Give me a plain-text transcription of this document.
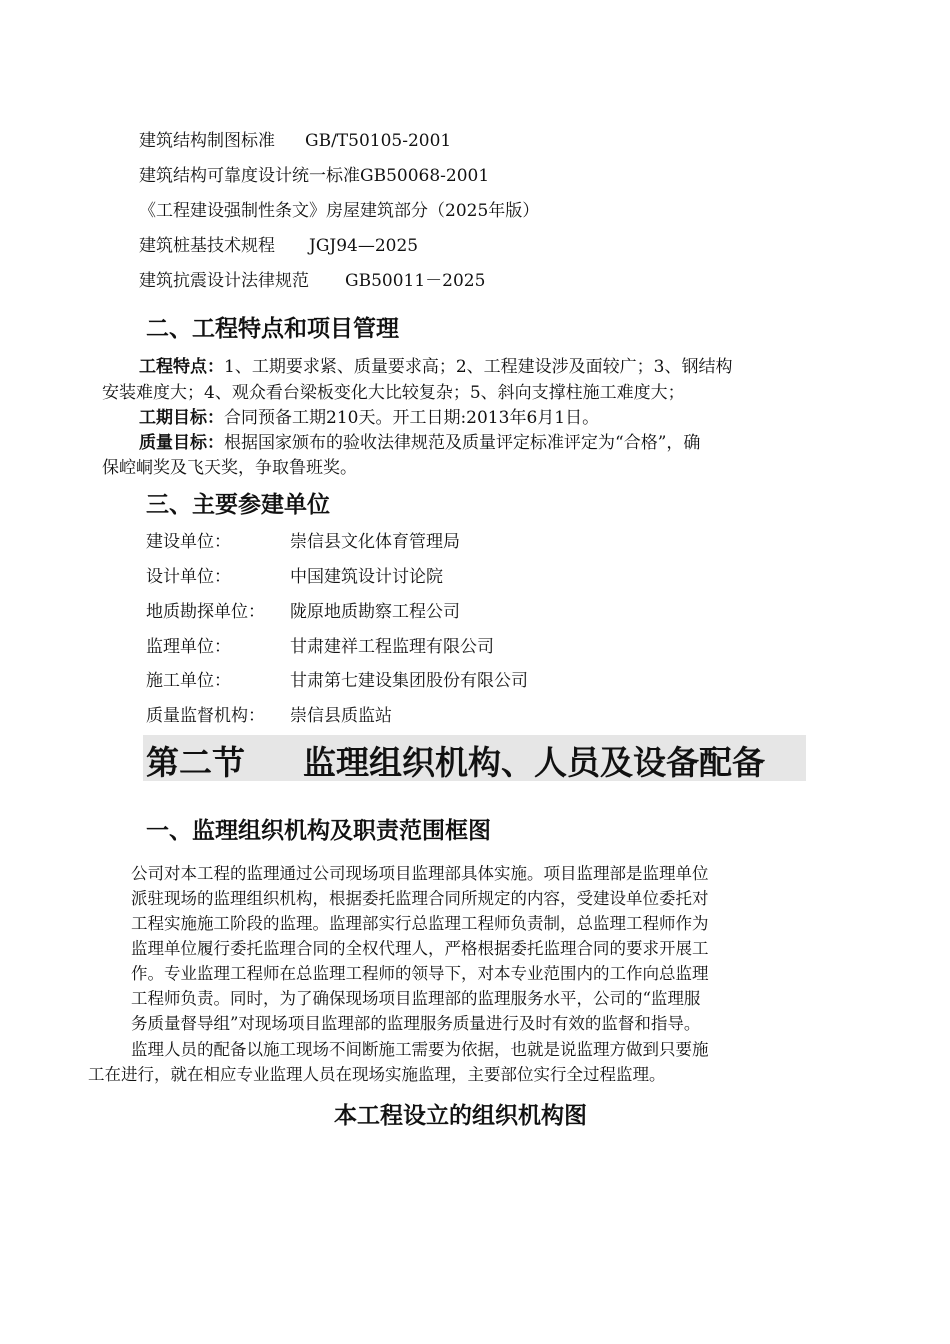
建筑结构制图标准 GB/T50105-2001
建筑结构可靠度设计统一标准GB50068-2001
《工程建设强制性条文》房屋建筑部分（2025年版）
建筑桩基技术规程 JGJ94—2025
建筑抗震设计法律规范 GB50011－2025
二、工程特点和项目管理
工程特点：1、工期要求紧、质量要求高；2、工程建设涉及面较广；3、钢结构
安装难度大；4、观众看台梁板变化大比较复杂；5、斜向支撑柱施工难度大；
工期目标：合同预备工期210天。开工日期:2013年6月1日。
质量目标：根据国家颁布的验收法律规范及质量评定标准评定为“合格”，确
保崆峒奖及飞天奖，争取鲁班奖。
三、主要参建单位
建设单位：	崇信县文化体育管理局
设计单位：	中国建筑设计讨论院
地质勘探单位： 陇原地质勘察工程公司
监理单位：	甘肃建祥工程监理有限公司
施工单位：	甘肃第七建设集团股份有限公司
质量监督机构： 崇信县质监站
第二节 监理组织机构、人员及设备配备
一、监理组织机构及职责范围框图

公司对本工程的监理通过公司现场项目监理部具体实施。项目监理部是监理单位

派驻现场的监理组织机构，根据委托监理合同所规定的内容，受建设单位委托对

工程实施施工阶段的监理。监理部实行总监理工程师负责制，总监理工程师作为

监理单位履行委托监理合同的全权代理人，严格根据委托监理合同的要求开展工

作。专业监理工程师在总监理工程师的领导下，对本专业范围内的工作向总监理

工程师负责。同时，为了确保现场项目监理部的监理服务水平，公司的“监理服

务质量督导组”对现场项目监理部的监理服务质量进行及时有效的监督和指导。

监理人员的配备以施工现场不间断施工需要为依据，也就是说监理方做到只要施
工在进行，就在相应专业监理人员在现场实施监理，主要部位实行全过程监理。
本工程设立的组织机构图
